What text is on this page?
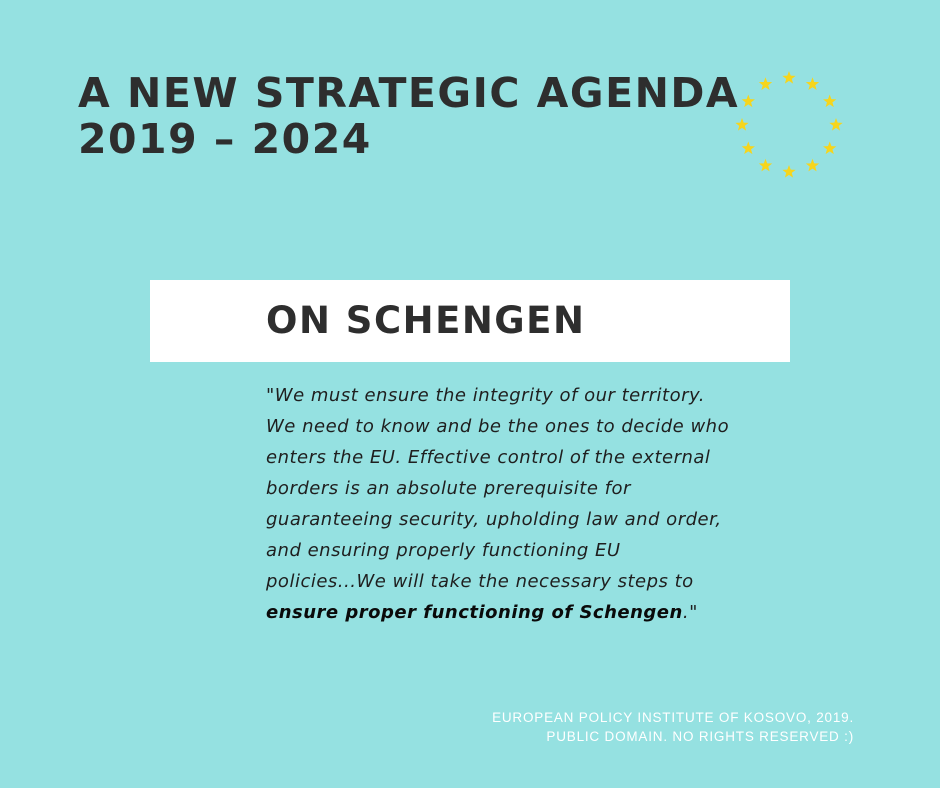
A NEW STRATEGIC AGENDA
2019 – 2024
ON SCHENGEN

"We must ensure the integrity of our territory.
We need to know and be the ones to decide who
enters the EU. Effective control of the external
borders is an absolute prerequisite for
guaranteeing security, upholding law and order,
and ensuring properly functioning EU
policies...We will take the necessary steps to
ensure proper functioning of Schengen."

EUROPEAN POLICY INSTITUTE OF KOSOVO, 2019.
PUBLIC DOMAIN. NO RIGHTS RESERVED :)
